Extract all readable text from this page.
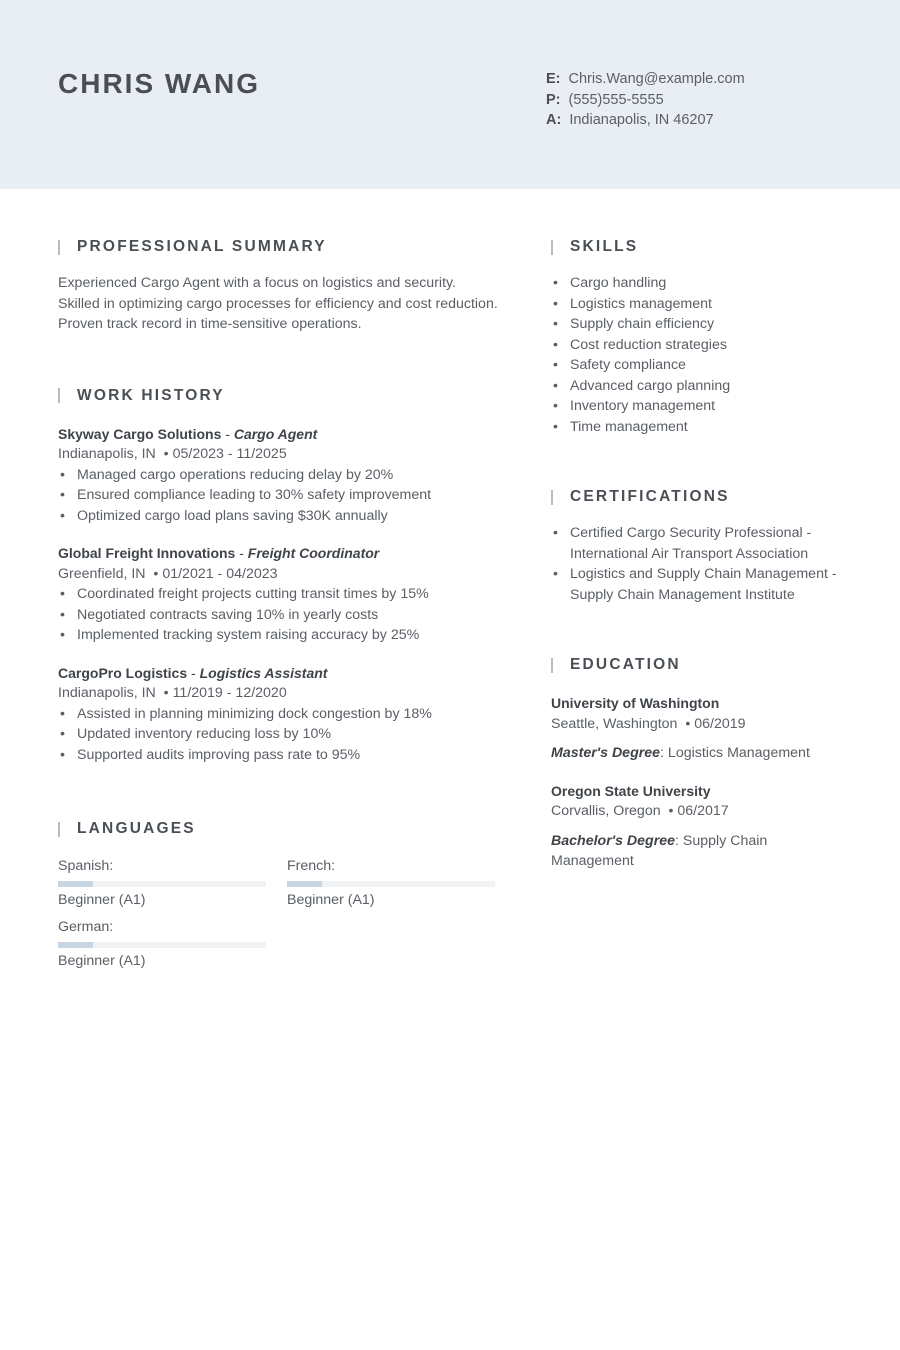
CHRIS WANG	E: Chris.Wang@example.com
P: (555)555-5555
A: Indianapolis, IN 46207
PROFESSIONAL SUMMARY

Experienced Cargo Agent with a focus on logistics and security. Skilled in optimizing cargo processes for efficiency and cost reduction. Proven track record in time-sensitive operations.

WORK HISTORY
Skyway Cargo Solutions - Cargo Agent
Indianapolis, IN  • 05/2023 - 11/2025
• Managed cargo operations reducing delay by 20%
• Ensured compliance leading to 30% safety improvement
• Optimized cargo load plans saving $30K annually
Global Freight Innovations - Freight Coordinator
Greenfield, IN  • 01/2021 - 04/2023
• Coordinated freight projects cutting transit times by 15%
• Negotiated contracts saving 10% in yearly costs
• Implemented tracking system raising accuracy by 25%
CargoPro Logistics - Logistics Assistant
Indianapolis, IN  • 11/2019 - 12/2020
• Assisted in planning minimizing dock congestion by 18%
• Updated inventory reducing loss by 10%
• Supported audits improving pass rate to 95%
LANGUAGES
Spanish:
Beginner (A1)
French:
Beginner (A1)
German:
Beginner (A1)
SKILLS
• Cargo handling
• Logistics management
• Supply chain efficiency
• Cost reduction strategies
• Safety compliance
• Advanced cargo planning
• Inventory management
• Time management
CERTIFICATIONS
• Certified Cargo Security Professional - International Air Transport Association
• Logistics and Supply Chain Management - Supply Chain Management Institute
EDUCATION
University of Washington
Seattle, Washington  • 06/2019
Master's Degree: Logistics Management
Oregon State University
Corvallis, Oregon  • 06/2017
Bachelor's Degree: Supply Chain Management
